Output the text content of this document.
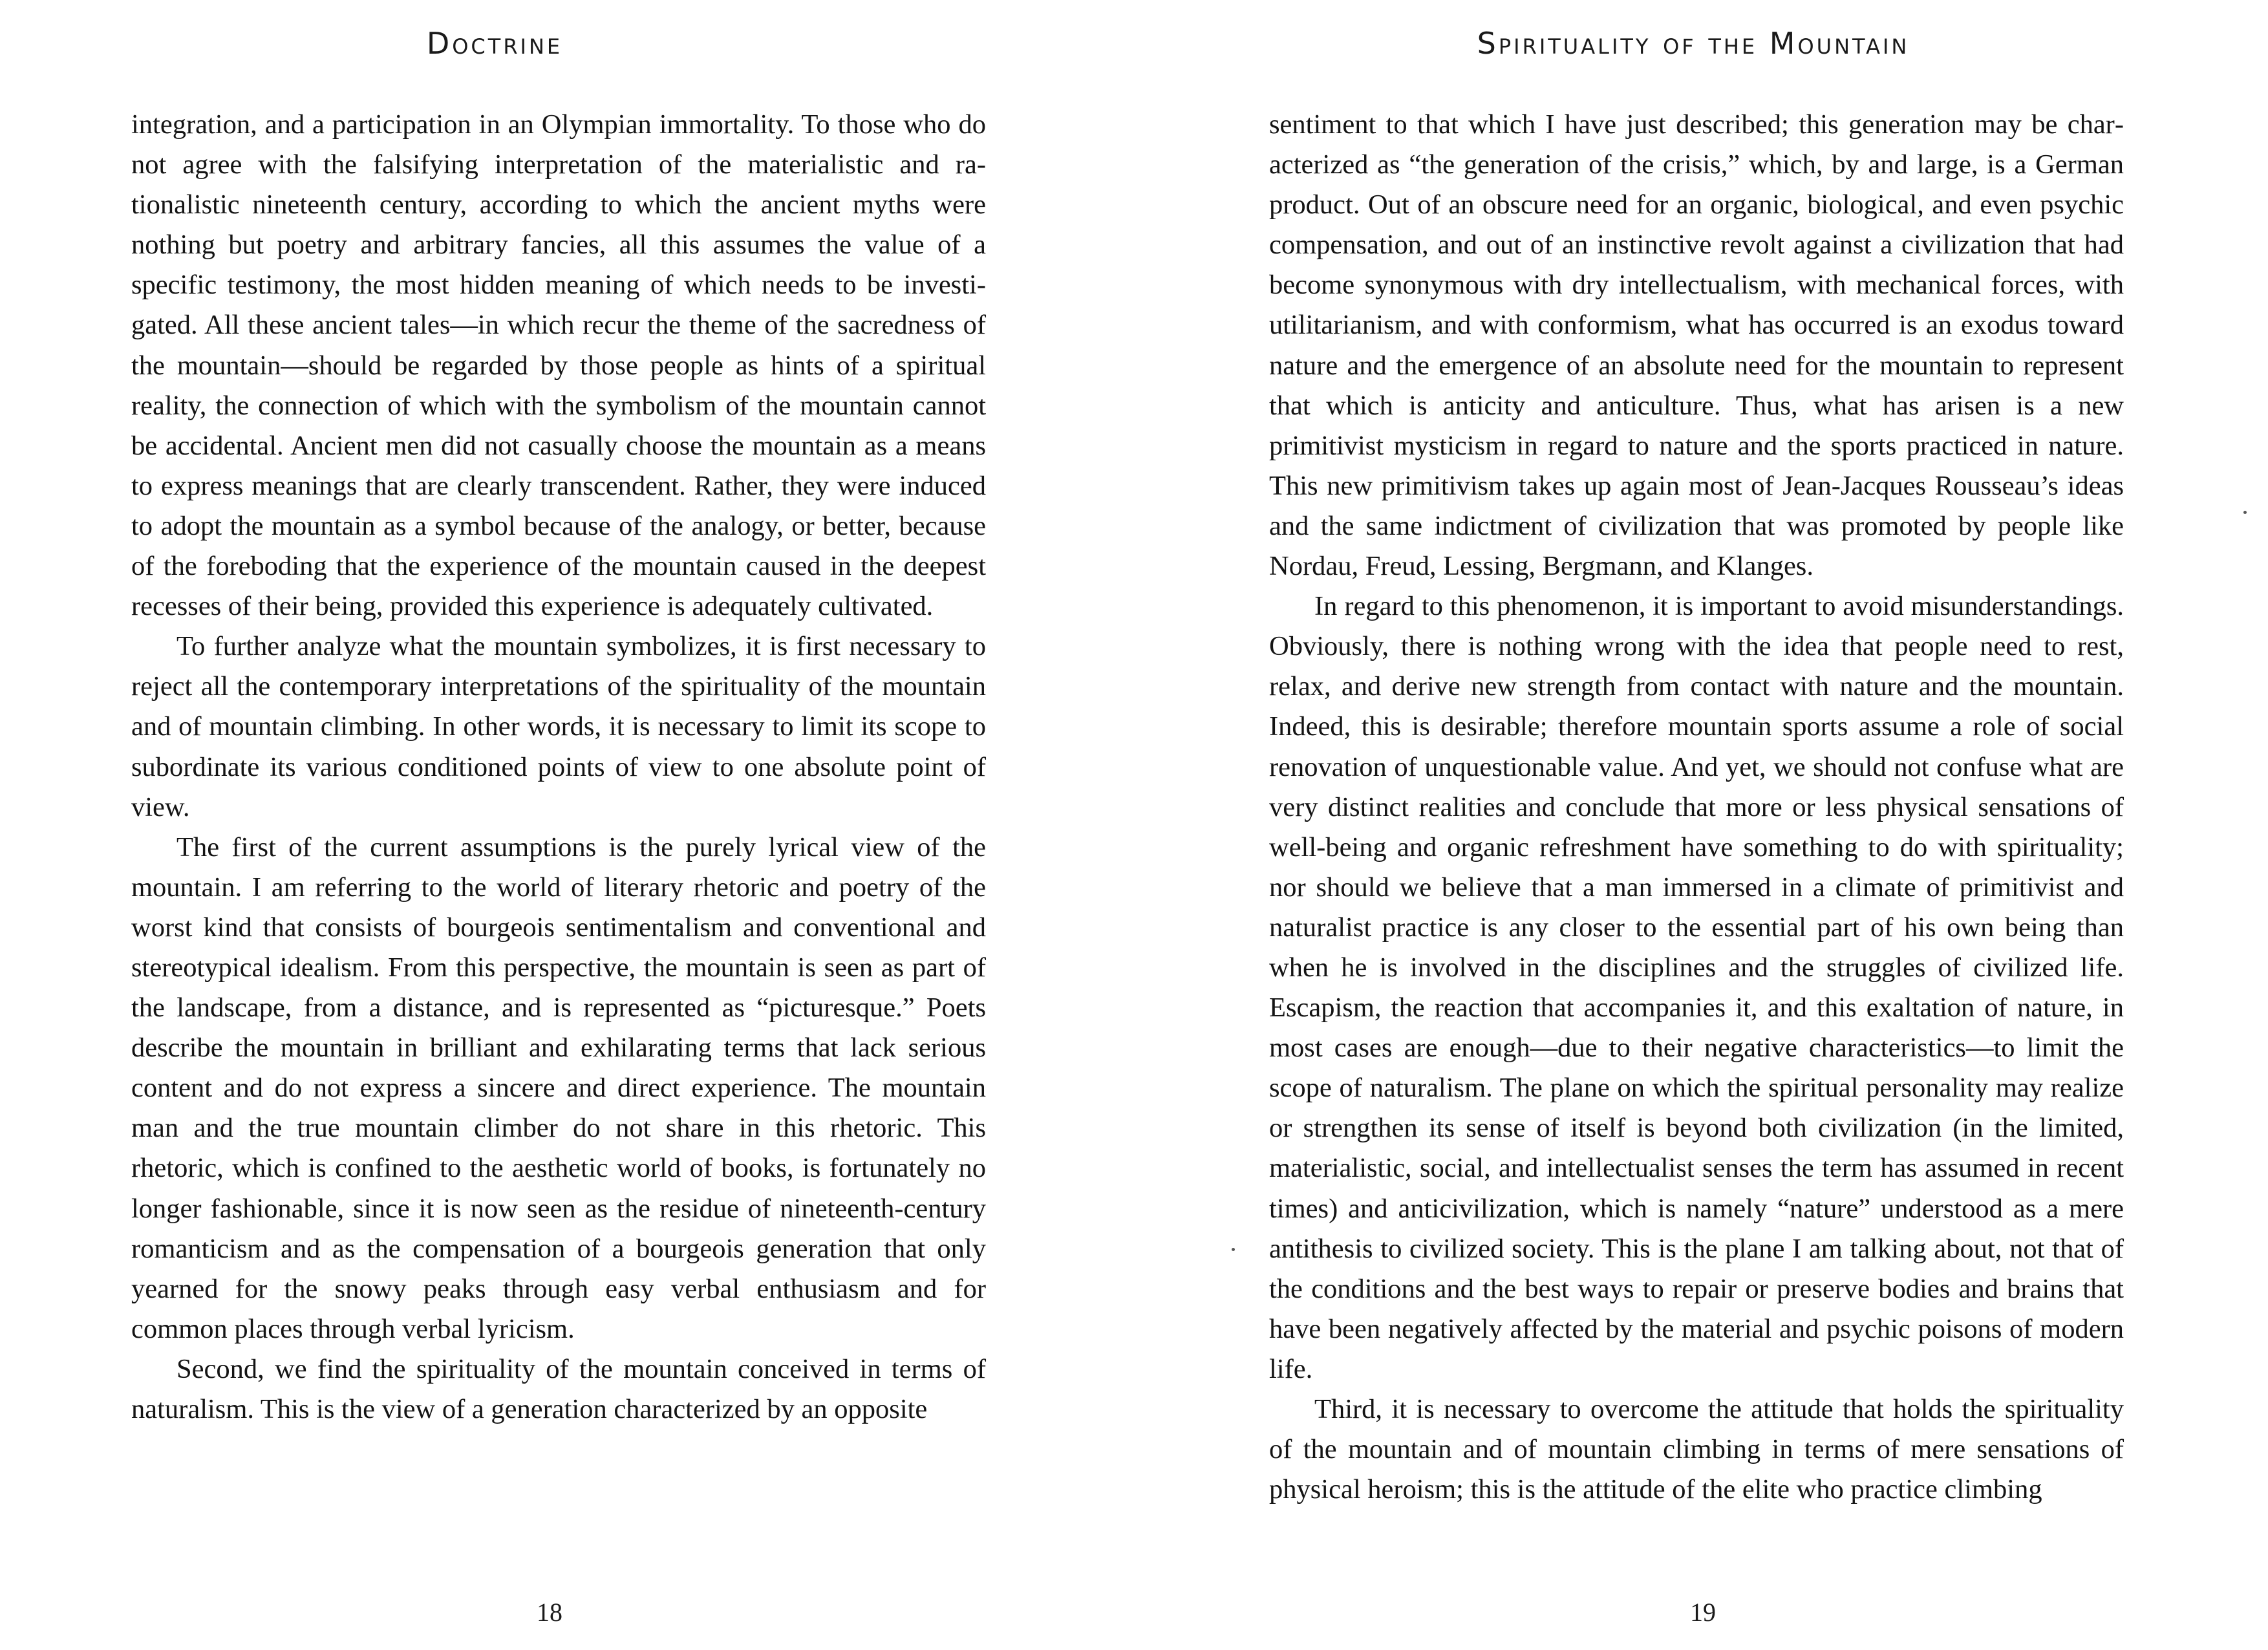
Doctrine

integration, and a participation in an Olympian immortality. To those who do not agree with the falsifying interpretation of the materialistic and rationalistic nineteenth century, according to which the ancient myths were nothing but poetry and arbitrary fancies, all this assumes the value of a specific testimony, the most hidden meaning of which needs to be investigated. All these ancient tales—in which recur the theme of the sacredness of the mountain—should be regarded by those people as hints of a spiritual reality, the connection of which with the symbolism of the mountain cannot be accidental. Ancient men did not casually choose the mountain as a means to express meanings that are clearly transcendent. Rather, they were induced to adopt the mountain as a symbol because of the analogy, or better, because of the foreboding that the experience of the mountain caused in the deepest recesses of their being, provided this experience is adequately cultivated.

To further analyze what the mountain symbolizes, it is first necessary to reject all the contemporary interpretations of the spirituality of the mountain and of mountain climbing. In other words, it is necessary to limit its scope to subordinate its various conditioned points of view to one absolute point of view.

The first of the current assumptions is the purely lyrical view of the mountain. I am referring to the world of literary rhetoric and poetry of the worst kind that consists of bourgeois sentimentalism and conventional and stereotypical idealism. From this perspective, the mountain is seen as part of the landscape, from a distance, and is represented as “picturesque.” Poets describe the mountain in brilliant and exhilarating terms that lack serious content and do not express a sincere and direct experience. The mountain man and the true mountain climber do not share in this rhetoric. This rhetoric, which is confined to the aesthetic world of books, is fortunately no longer fashionable, since it is now seen as the residue of nineteenth-century romanticism and as the compensation of a bourgeois generation that only yearned for the snowy peaks through easy verbal enthusiasm and for common places through verbal lyricism.

Second, we find the spirituality of the mountain conceived in terms of naturalism. This is the view of a generation characterized by an opposite

18
Spirituality of the Mountain

sentiment to that which I have just described; this generation may be characterized as “the generation of the crisis,” which, by and large, is a German product. Out of an obscure need for an organic, biological, and even psychic compensation, and out of an instinctive revolt against a civilization that had become synonymous with dry intellectualism, with mechanical forces, with utilitarianism, and with conformism, what has occurred is an exodus toward nature and the emergence of an absolute need for the mountain to represent that which is anticity and anticulture. Thus, what has arisen is a new primitivist mysticism in regard to nature and the sports practiced in nature. This new primitivism takes up again most of Jean-Jacques Rousseau’s ideas and the same indictment of civilization that was promoted by people like Nordau, Freud, Lessing, Bergmann, and Klanges.

In regard to this phenomenon, it is important to avoid misunderstandings. Obviously, there is nothing wrong with the idea that people need to rest, relax, and derive new strength from contact with nature and the mountain. Indeed, this is desirable; therefore mountain sports assume a role of social renovation of unquestionable value. And yet, we should not confuse what are very distinct realities and conclude that more or less physical sensations of well-being and organic refreshment have something to do with spirituality; nor should we believe that a man immersed in a climate of primitivist and naturalist practice is any closer to the essential part of his own being than when he is involved in the disciplines and the struggles of civilized life. Escapism, the reaction that accompanies it, and this exaltation of nature, in most cases are enough—due to their negative characteristics—to limit the scope of naturalism. The plane on which the spiritual personality may realize or strengthen its sense of itself is beyond both civilization (in the limited, materialistic, social, and intellectualist senses the term has assumed in recent times) and anticivilization, which is namely “nature” understood as a mere antithesis to civilized society. This is the plane I am talking about, not that of the conditions and the best ways to repair or preserve bodies and brains that have been negatively affected by the material and psychic poisons of modern life.

Third, it is necessary to overcome the attitude that holds the spirituality of the mountain and of mountain climbing in terms of mere sensations of physical heroism; this is the attitude of the elite who practice climbing

19
